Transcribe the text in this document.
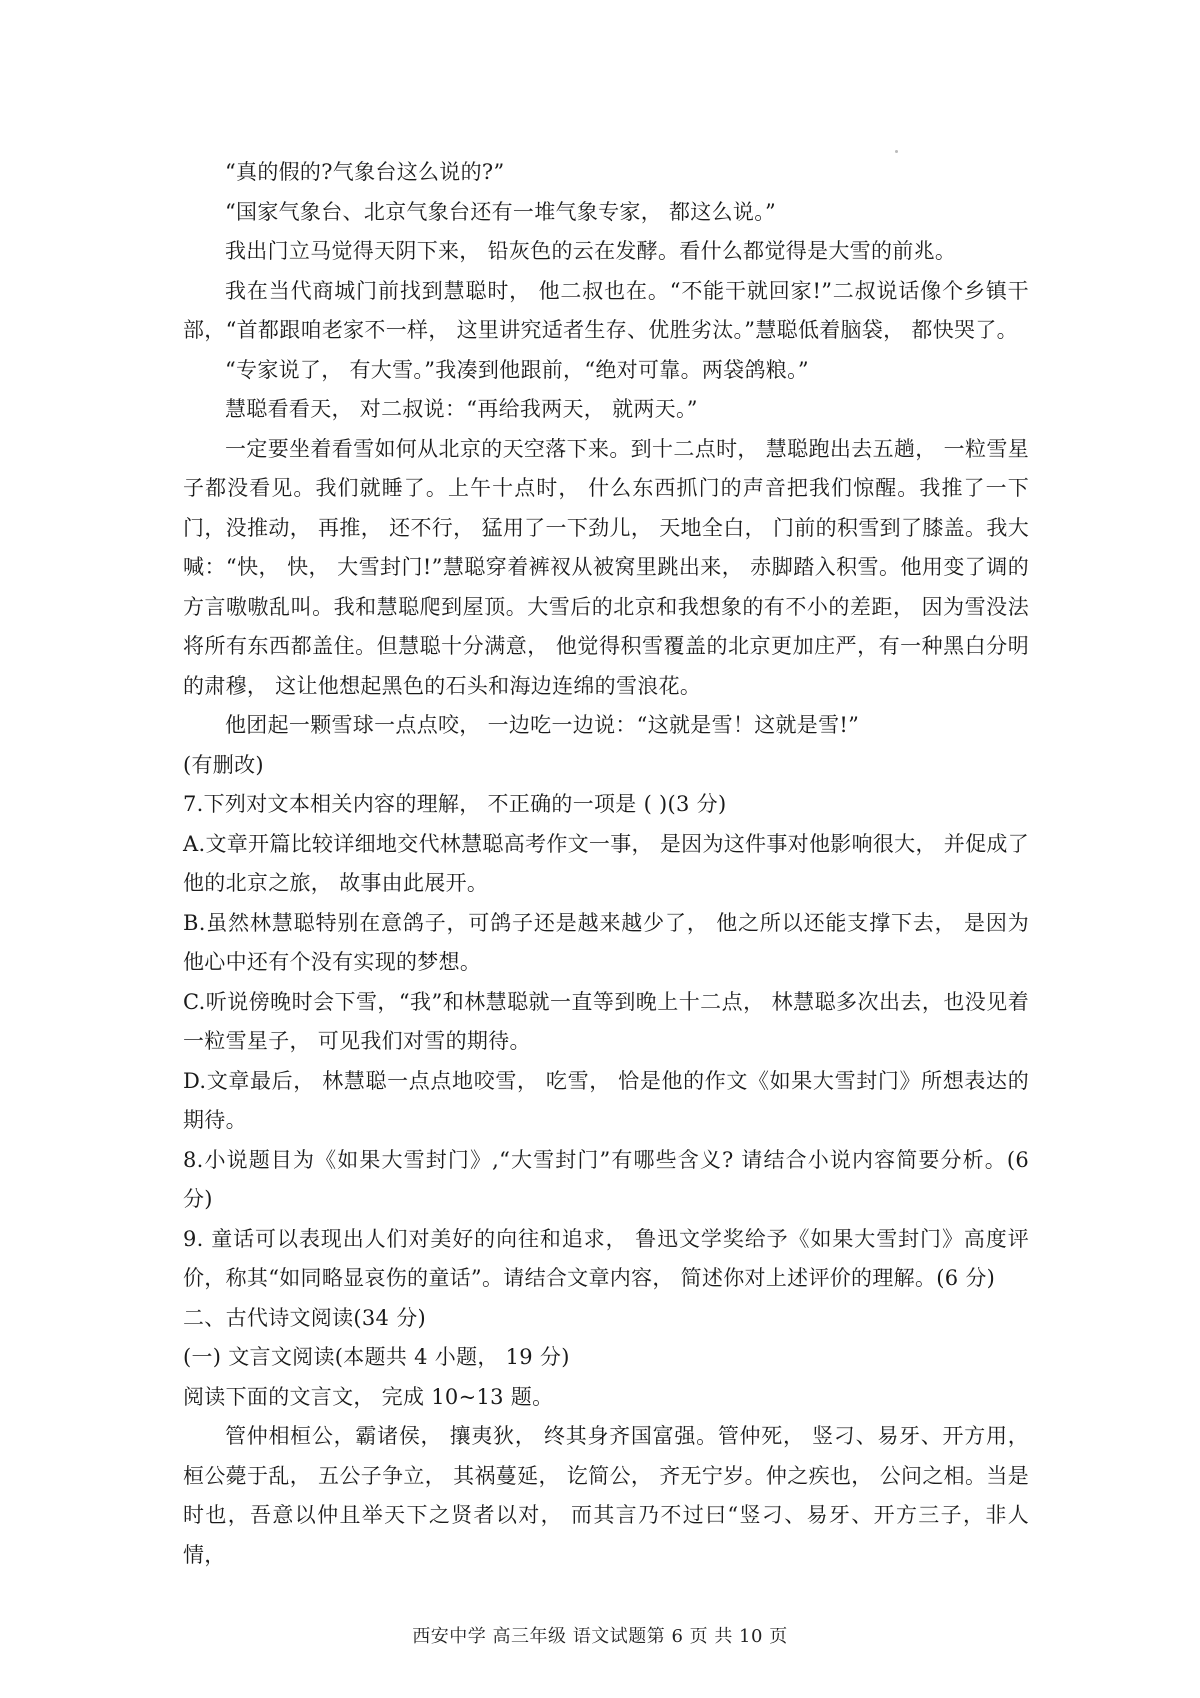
“真的假的?气象台这么说的?”

“国家气象台、北京气象台还有一堆气象专家， 都这么说。”

我出门立马觉得天阴下来， 铅灰色的云在发酵。看什么都觉得是大雪的前兆。

我在当代商城门前找到慧聪时， 他二叔也在。“不能干就回家!”二叔说话像个乡镇干部，“首都跟咱老家不一样， 这里讲究适者生存、优胜劣汰。”慧聪低着脑袋， 都快哭了。

“专家说了， 有大雪。”我凑到他跟前，“绝对可靠。两袋鸽粮。”

慧聪看看天， 对二叔说：“再给我两天， 就两天。”

一定要坐着看雪如何从北京的天空落下来。到十二点时， 慧聪跑出去五趟， 一粒雪星子都没看见。我们就睡了。上午十点时， 什么东西抓门的声音把我们惊醒。我推了一下门，没推动， 再推， 还不行， 猛用了一下劲儿， 天地全白， 门前的积雪到了膝盖。我大喊：“快， 快， 大雪封门!”慧聪穿着裤衩从被窝里跳出来， 赤脚踏入积雪。他用变了调的方言嗷嗷乱叫。我和慧聪爬到屋顶。大雪后的北京和我想象的有不小的差距， 因为雪没法将所有东西都盖住。但慧聪十分满意， 他觉得积雪覆盖的北京更加庄严，有一种黑白分明的肃穆， 这让他想起黑色的石头和海边连绵的雪浪花。

他团起一颗雪球一点点咬， 一边吃一边说：“这就是雪！这就是雪!”

(有删改)

7.下列对文本相关内容的理解， 不正确的一项是 ( )(3 分)

A.文章开篇比较详细地交代林慧聪高考作文一事， 是因为这件事对他影响很大， 并促成了他的北京之旅， 故事由此展开。

B.虽然林慧聪特别在意鸽子，可鸽子还是越来越少了， 他之所以还能支撑下去， 是因为他心中还有个没有实现的梦想。

C.听说傍晚时会下雪，“我”和林慧聪就一直等到晚上十二点， 林慧聪多次出去，也没见着一粒雪星子， 可见我们对雪的期待。

D.文章最后， 林慧聪一点点地咬雪， 吃雪， 恰是他的作文《如果大雪封门》所想表达的期待。

8.小说题目为《如果大雪封门》,“大雪封门”有哪些含义? 请结合小说内容简要分析。(6 分)

9. 童话可以表现出人们对美好的向往和追求， 鲁迅文学奖给予《如果大雪封门》高度评价，称其“如同略显哀伤的童话”。请结合文章内容， 简述你对上述评价的理解。(6 分)

二、古代诗文阅读(34 分)

(一) 文言文阅读(本题共 4 小题， 19 分)

阅读下面的文言文， 完成 10~13 题。

管仲相桓公，霸诸侯， 攘夷狄， 终其身齐国富强。管仲死， 竖刁、易牙、开方用， 桓公薨于乱， 五公子争立， 其祸蔓延， 讫简公， 齐无宁岁。仲之疾也， 公问之相。当是时也，吾意以仲且举天下之贤者以对， 而其言乃不过曰“竖刁、易牙、开方三子，非人情，

西安中学 高三年级 语文试题第 6 页 共 10 页
